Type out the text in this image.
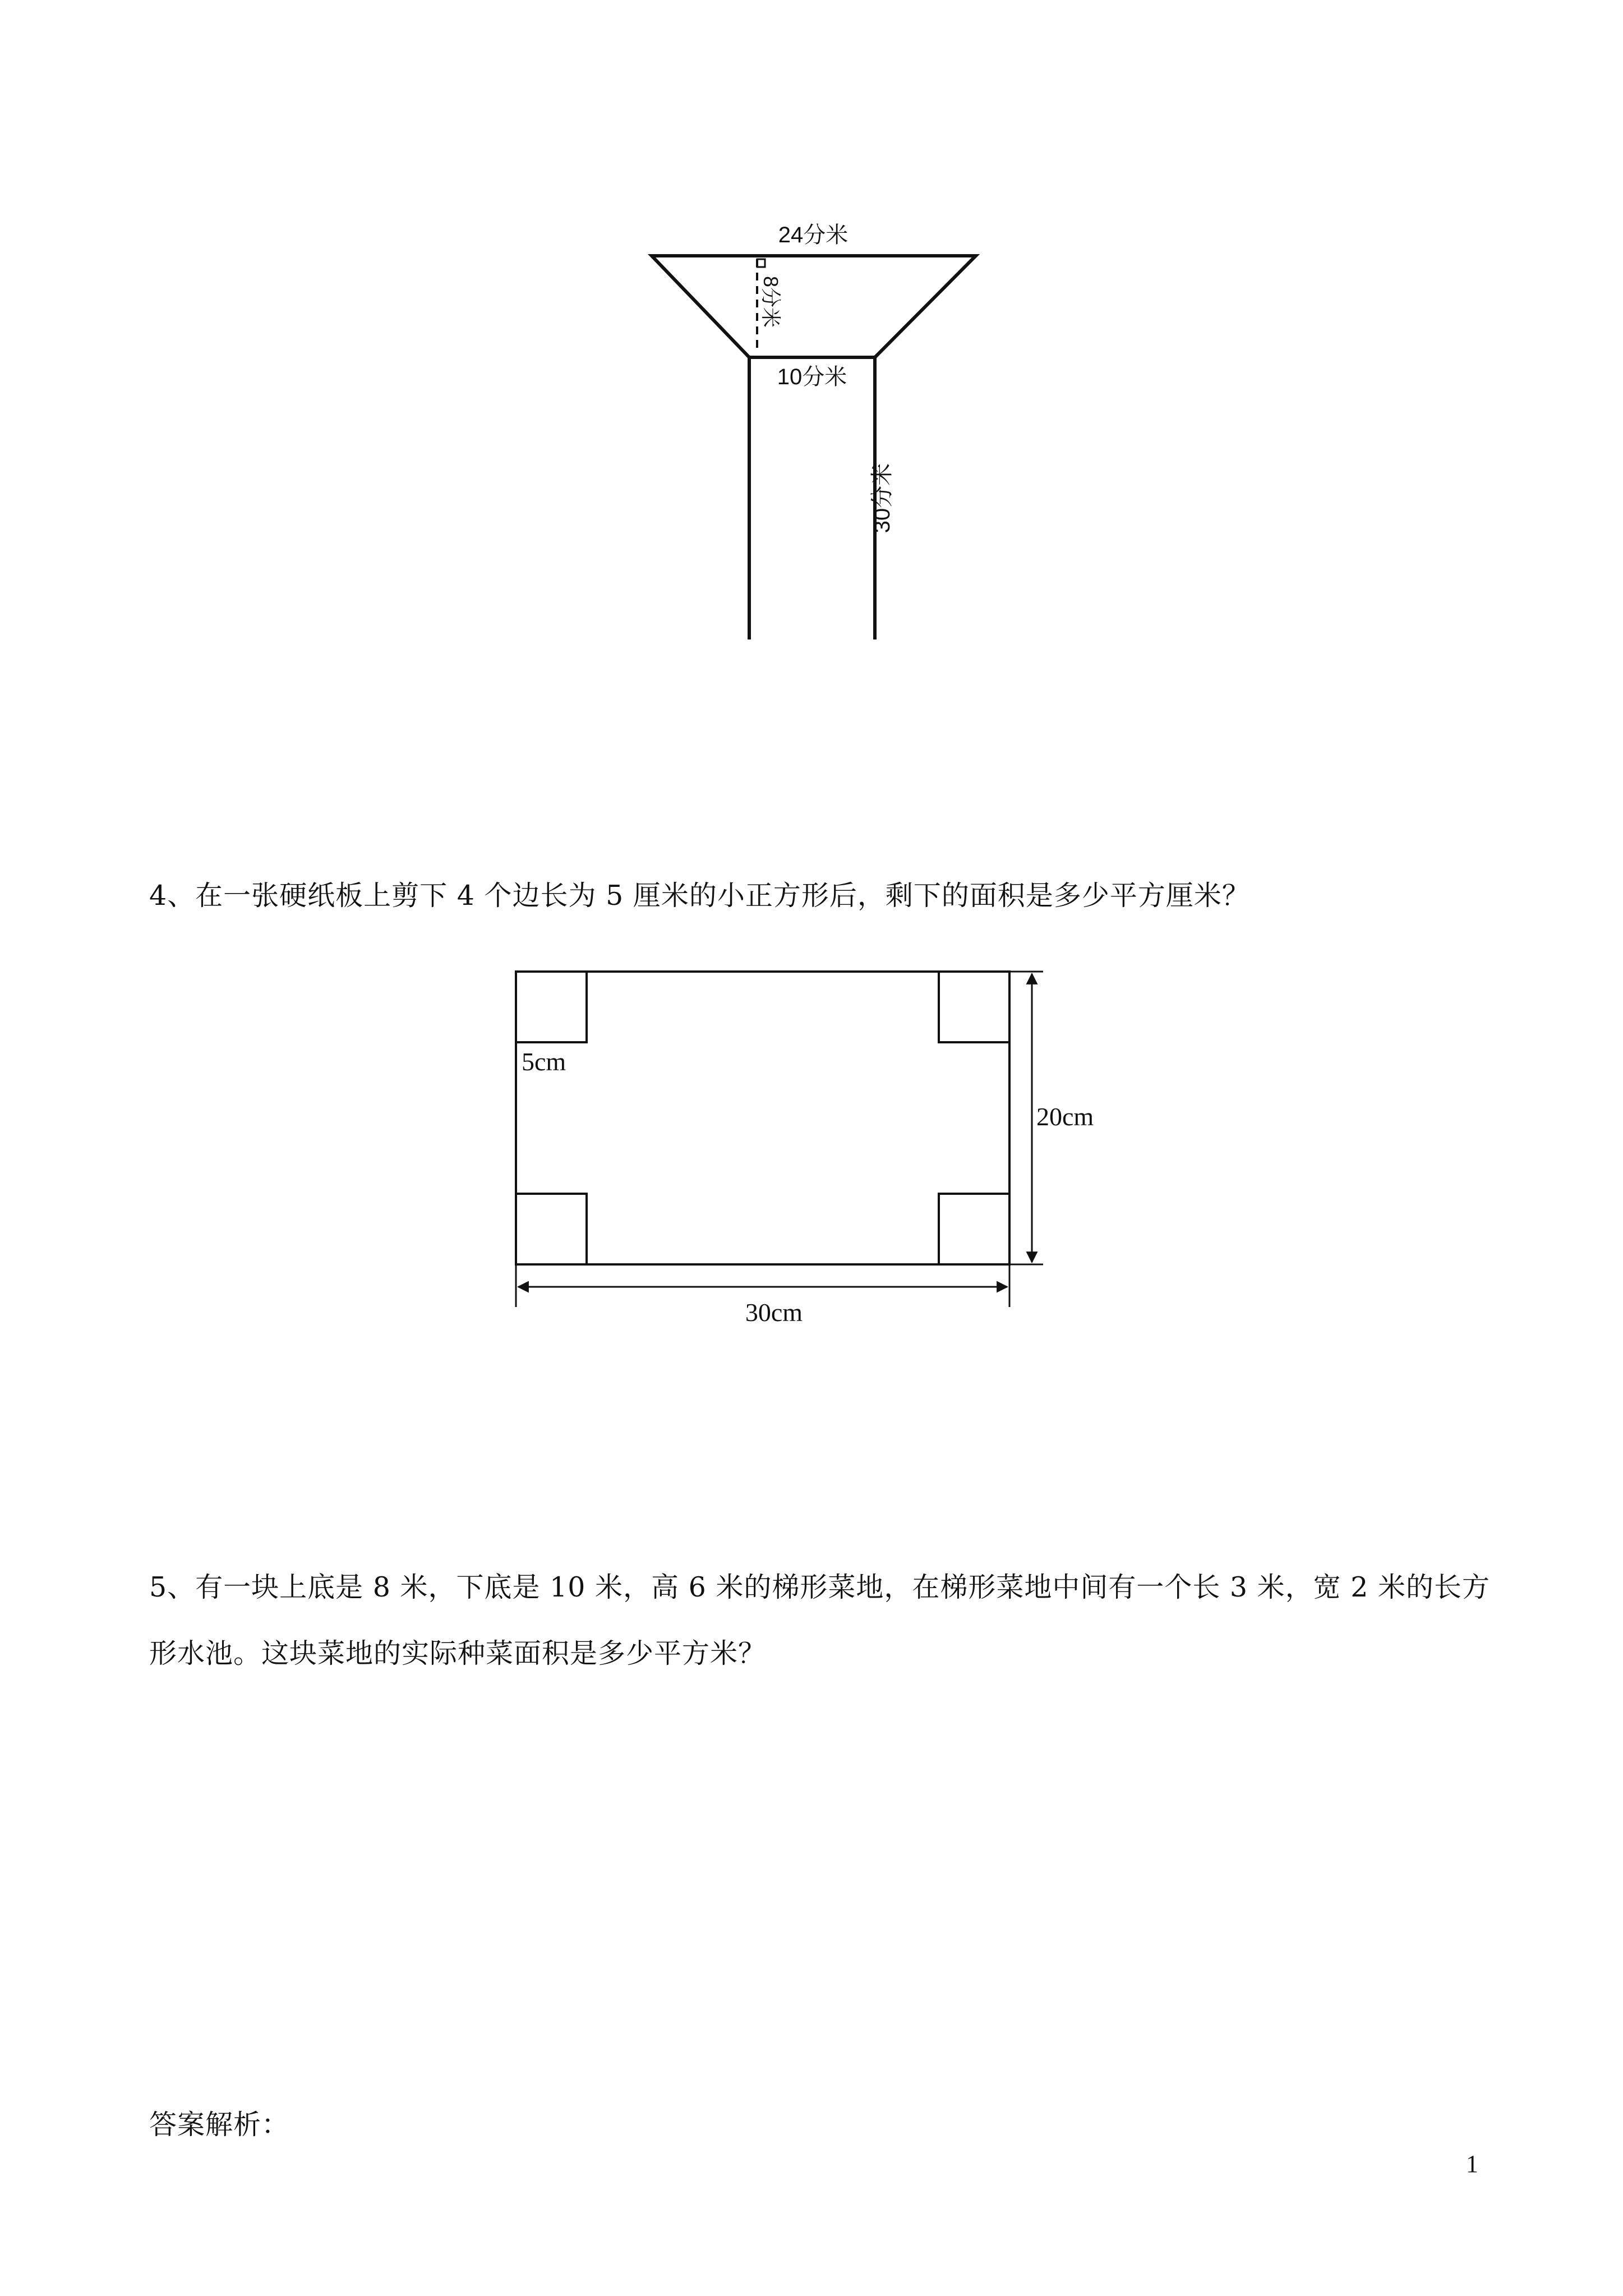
24分米
8分米
10分米
30分米
4、在一张硬纸板上剪下 4 个边长为 5 厘米的小正方形后，剩下的面积是多少平方厘米？
5cm
20cm
30cm
5、有一块上底是 8 米，下底是 10 米，高 6 米的梯形菜地，在梯形菜地中间有一个长 3 米，宽 2 米的长方
形水池。这块菜地的实际种菜面积是多少平方米？
答案解析：
1
